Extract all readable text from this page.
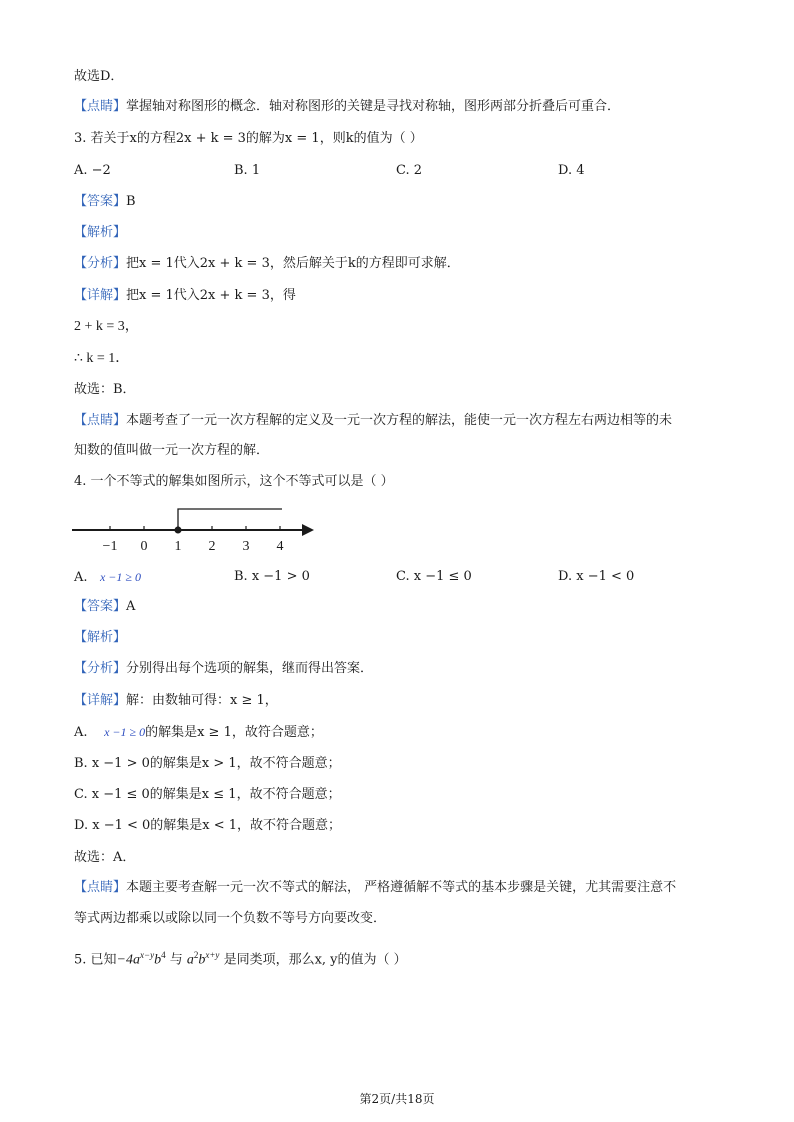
故选D．
【点睛】掌握轴对称图形的概念．轴对称图形的关键是寻找对称轴，图形两部分折叠后可重合．
3. 若关于x的方程2x + k = 3的解为x = 1，则k的值为（ ）
A. −2	B. 1	C. 2	D. 4
【答案】B
【解析】
【分析】把x = 1代入2x + k = 3，然后解关于k的方程即可求解．
【详解】把x = 1代入2x + k = 3，得
2 + k = 3，
∴ k = 1．
故选：B．
【点睛】本题考查了一元一次方程解的定义及一元一次方程的解法，能使一元一次方程左右两边相等的未
知数的值叫做一元一次方程的解．
4. 一个不等式的解集如图所示，这个不等式可以是（ ）
−1 0 1 2 3 4
A. x −1 ≥ 0	B. x −1 > 0	C. x −1 ≤ 0	D. x −1 < 0
【答案】A
【解析】
【分析】分别得出每个选项的解集，继而得出答案．
【详解】解：由数轴可得：x ≥ 1，
A. x −1 ≥ 0的解集是x ≥ 1，故符合题意；
B. x −1 > 0的解集是x > 1，故不符合题意；
C. x −1 ≤ 0的解集是x ≤ 1，故不符合题意；
D. x −1 < 0的解集是x < 1，故不符合题意；
故选：A．
【点睛】本题主要考查解一元一次不等式的解法， 严格遵循解不等式的基本步骤是关键，尤其需要注意不
等式两边都乘以或除以同一个负数不等号方向要改变．
5. 已知$-4a^{x-y}b^4$ 与 $a^2b^{x+y}$ 是同类项，那么x, y的值为（ ）
第2页/共18页
